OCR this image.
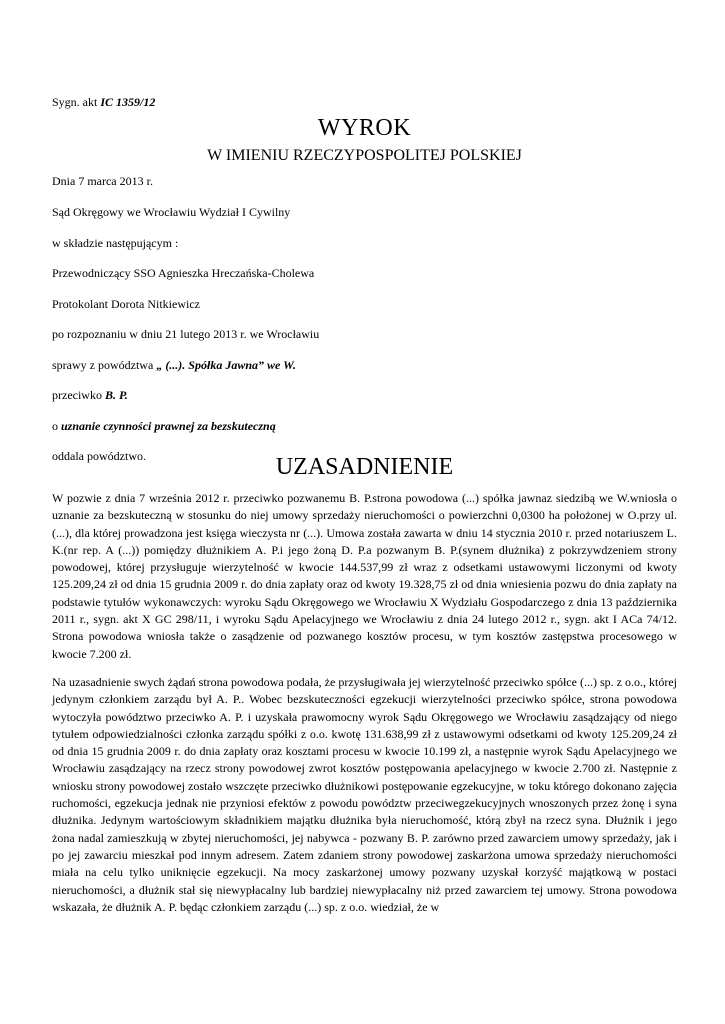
Sygn. akt IC 1359/12
WYROK
W IMIENIU RZECZYPOSPOLITEJ POLSKIEJ
Dnia 7 marca 2013 r.
Sąd Okręgowy we Wrocławiu Wydział I Cywilny
w składzie następującym :
Przewodniczący SSO Agnieszka Hreczańska-Cholewa
Protokolant Dorota Nitkiewicz
po rozpoznaniu w dniu 21 lutego 2013 r. we Wrocławiu
sprawy z powództwa „ (...). Spółka Jawna” we W.
przeciwko B. P.
o uznanie czynności prawnej za bezskuteczną
oddala powództwo.	UZASADNIENIE
W pozwie z dnia 7 września 2012 r. przeciwko pozwanemu B. P.strona powodowa (...) spółka jawnaz siedzibą we W.wniosła o uznanie za bezskuteczną w stosunku do niej umowy sprzedaży nieruchomości o powierzchni 0,0300 ha położonej w O.przy ul. (...), dla której prowadzona jest księga wieczysta nr (...). Umowa została zawarta w dniu 14 stycznia 2010 r. przed notariuszem L. K.(nr rep. A (...)) pomiędzy dłużnikiem A. P.i jego żoną D. P.a pozwanym B. P.(synem dłużnika) z pokrzywdzeniem strony powodowej, której przysługuje wierzytelność w kwocie 144.537,99 zł wraz z odsetkami ustawowymi liczonymi od kwoty 125.209,24 zł od dnia 15 grudnia 2009 r. do dnia zapłaty oraz od kwoty 19.328,75 zł od dnia wniesienia pozwu do dnia zapłaty na podstawie tytułów wykonawczych: wyroku Sądu Okręgowego we Wrocławiu X Wydziału Gospodarczego z dnia 13 października 2011 r., sygn. akt X GC 298/11, i wyroku Sądu Apelacyjnego we Wrocławiu z dnia 24 lutego 2012 r., sygn. akt I ACa 74/12. Strona powodowa wniosła także o zasądzenie od pozwanego kosztów procesu, w tym kosztów zastępstwa procesowego w kwocie 7.200 zł.
Na uzasadnienie swych żądań strona powodowa podała, że przysługiwała jej wierzytelność przeciwko spółce (...) sp. z o.o., której jedynym członkiem zarządu był A. P.. Wobec bezskuteczności egzekucji wierzytelności przeciwko spółce, strona powodowa wytoczyła powództwo przeciwko A. P. i uzyskała prawomocny wyrok Sądu Okręgowego we Wrocławiu zasądzający od niego tytułem odpowiedzialności członka zarządu spółki z o.o. kwotę 131.638,99 zł z ustawowymi odsetkami od kwoty 125.209,24 zł od dnia 15 grudnia 2009 r. do dnia zapłaty oraz kosztami procesu w kwocie 10.199 zł, a następnie wyrok Sądu Apelacyjnego we Wrocławiu zasądzający na rzecz strony powodowej zwrot kosztów postępowania apelacyjnego w kwocie 2.700 zł. Następnie z wniosku strony powodowej zostało wszczęte przeciwko dłużnikowi postępowanie egzekucyjne, w toku którego dokonano zajęcia ruchomości, egzekucja jednak nie przyniosi efektów z powodu powództw przeciwegzekucyjnych wnoszonych przez żonę i syna dłużnika. Jedynym wartościowym składnikiem majątku dłużnika była nieruchomość, którą zbył na rzecz syna. Dłużnik i jego żona nadal zamieszkują w zbytej nieruchomości, jej nabywca - pozwany B. P. zarówno przed zawarciem umowy sprzedaży, jak i po jej zawarciu mieszkał pod innym adresem. Zatem zdaniem strony powodowej zaskarżona umowa sprzedaży nieruchomości miała na celu tylko uniknięcie egzekucji. Na mocy zaskarżonej umowy pozwany uzyskał korzyść majątkową w postaci nieruchomości, a dłużnik stał się niewypłacalny lub bardziej niewypłacalny niż przed zawarciem tej umowy. Strona powodowa wskazała, że dłużnik A. P. będąc członkiem zarządu (...) sp. z o.o. wiedział, że w
